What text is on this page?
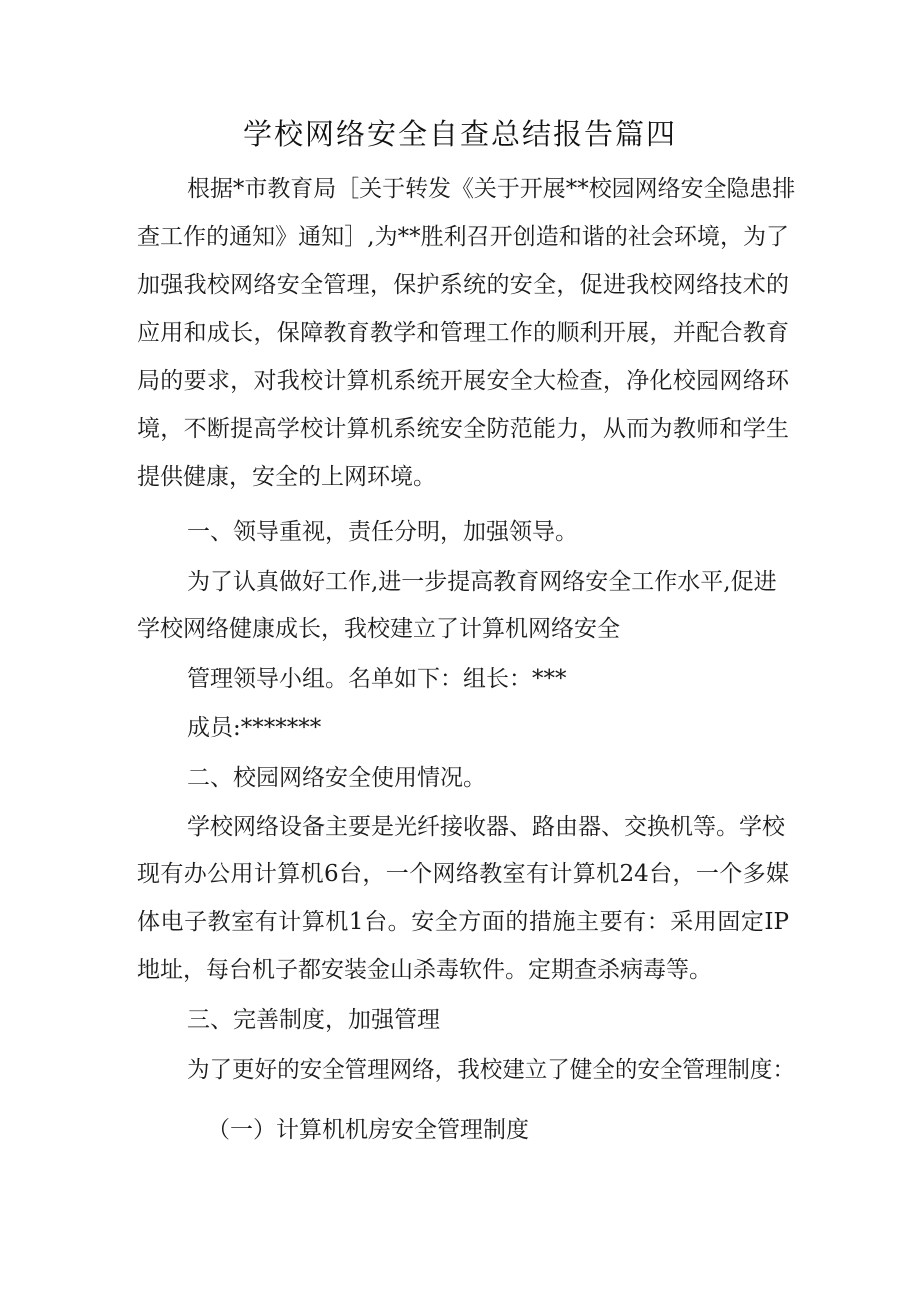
学校网络安全自查总结报告篇四
根据*市教育局［关于转发《关于开展**校园网络安全隐患排
查工作的通知》通知］,为**胜利召开创造和谐的社会环境，为了
加强我校网络安全管理，保护系统的安全，促进我校网络技术的
应用和成长，保障教育教学和管理工作的顺利开展，并配合教育
局的要求，对我校计算机系统开展安全大检查，净化校园网络环
境，不断提高学校计算机系统安全防范能力，从而为教师和学生
提供健康，安全的上网环境。
一、领导重视，责任分明，加强领导。
为了认真做好工作,进一步提高教育网络安全工作水平,促进
学校网络健康成长，我校建立了计算机网络安全
管理领导小组。名单如下：组长：***
成员:*******
二、校园网络安全使用情况。
学校网络设备主要是光纤接收器、路由器、交换机等。学校
现有办公用计算机6台，一个网络教室有计算机24台，一个多媒
体电子教室有计算机1台。安全方面的措施主要有：采用固定IP
地址，每台机子都安装金山杀毒软件。定期查杀病毒等。
三、完善制度，加强管理
为了更好的安全管理网络，我校建立了健全的安全管理制度：
（一）计算机机房安全管理制度
